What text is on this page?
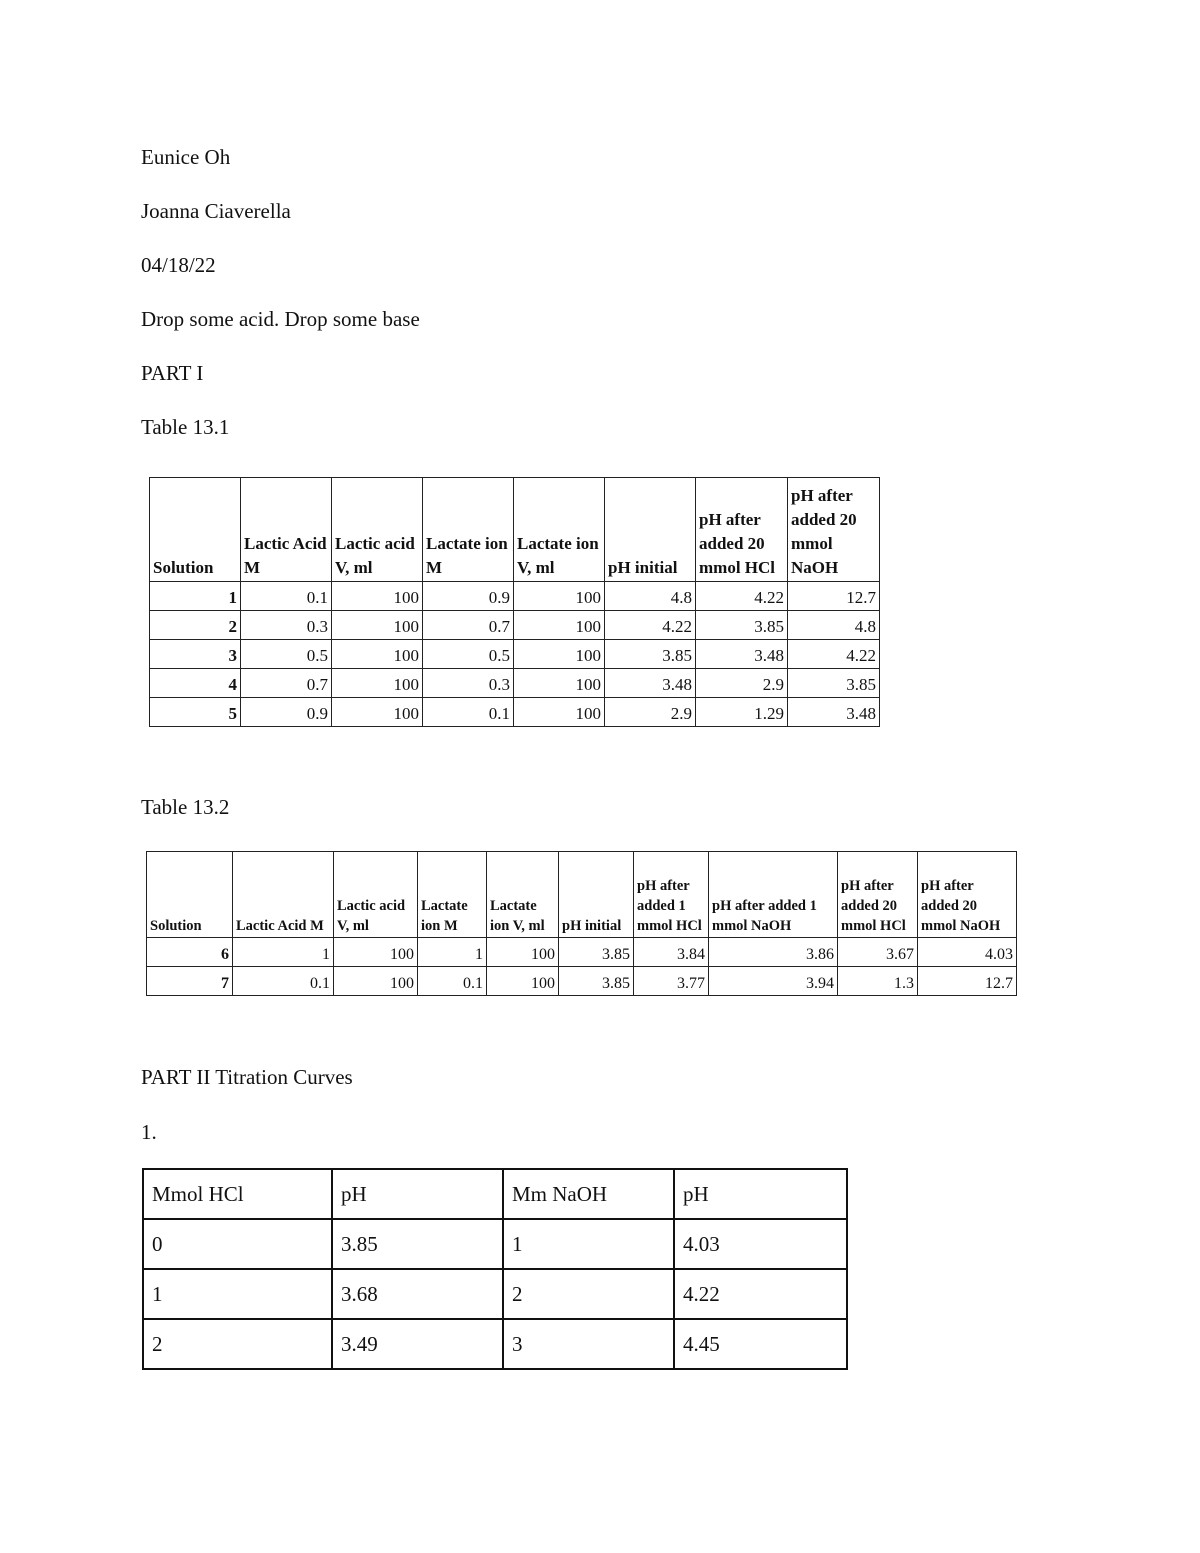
Eunice Oh
Joanna Ciaverella
04/18/22
Drop some acid. Drop some base
PART I
Table 13.1
Solution	Lactic Acid M	Lactic acid V, ml	Lactate ion M	Lactate ion V, ml	pH initial	pH after added 20 mmol HCl	pH after added 20 mmol NaOH
1	0.1	100	0.9	100	4.8	4.22	12.7
2	0.3	100	0.7	100	4.22	3.85	4.8
3	0.5	100	0.5	100	3.85	3.48	4.22
4	0.7	100	0.3	100	3.48	2.9	3.85
5	0.9	100	0.1	100	2.9	1.29	3.48
Table 13.2
Solution	Lactic Acid M	Lactic acid V, ml	Lactate ion M	Lactate ion V, ml	pH initial	pH after added 1 mmol HCl	pH after added 1 mmol NaOH	pH after added 20 mmol HCl	pH after added 20 mmol NaOH
6	1	100	1	100	3.85	3.84	3.86	3.67	4.03
7	0.1	100	0.1	100	3.85	3.77	3.94	1.3	12.7
PART II Titration Curves
1.
Mmol HCl	pH	Mm NaOH	pH
0	3.85	1	4.03
1	3.68	2	4.22
2	3.49	3	4.45
